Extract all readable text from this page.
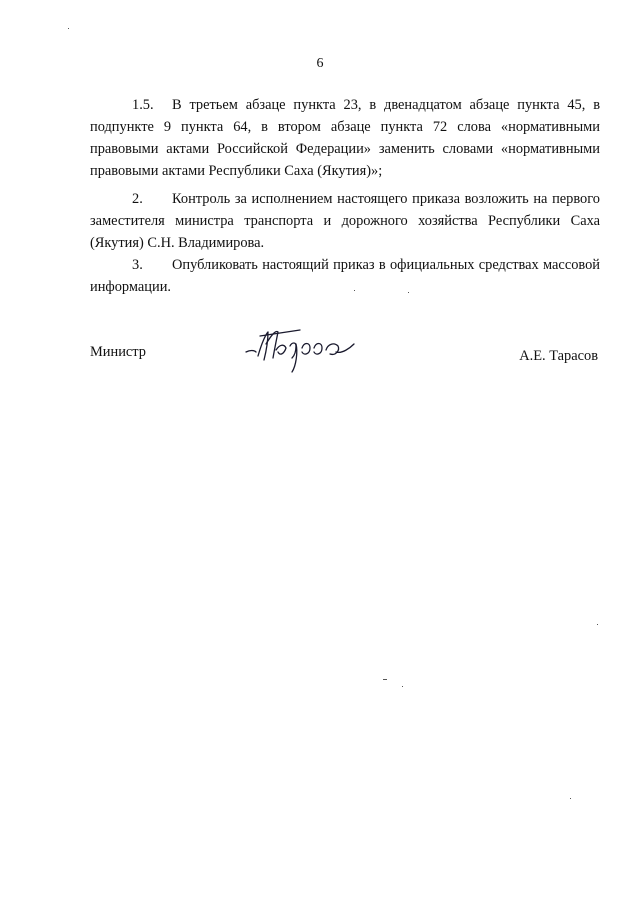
6
1.5. В третьем абзаце пункта 23, в двенадцатом абзаце пункта 45, в подпункте 9 пункта 64, в втором абзаце пункта 72 слова «нормативными правовыми актами Российской Федерации» заменить словами «нормативными правовыми актами Республики Саха (Якутия)»;
2. Контроль за исполнением настоящего приказа возложить на первого заместителя министра транспорта и дорожного хозяйства Республики Саха (Якутия) С.Н. Владимирова.
3. Опубликовать настоящий приказ в официальных средствах массовой информации.
Министр	А.Е. Тарасов
